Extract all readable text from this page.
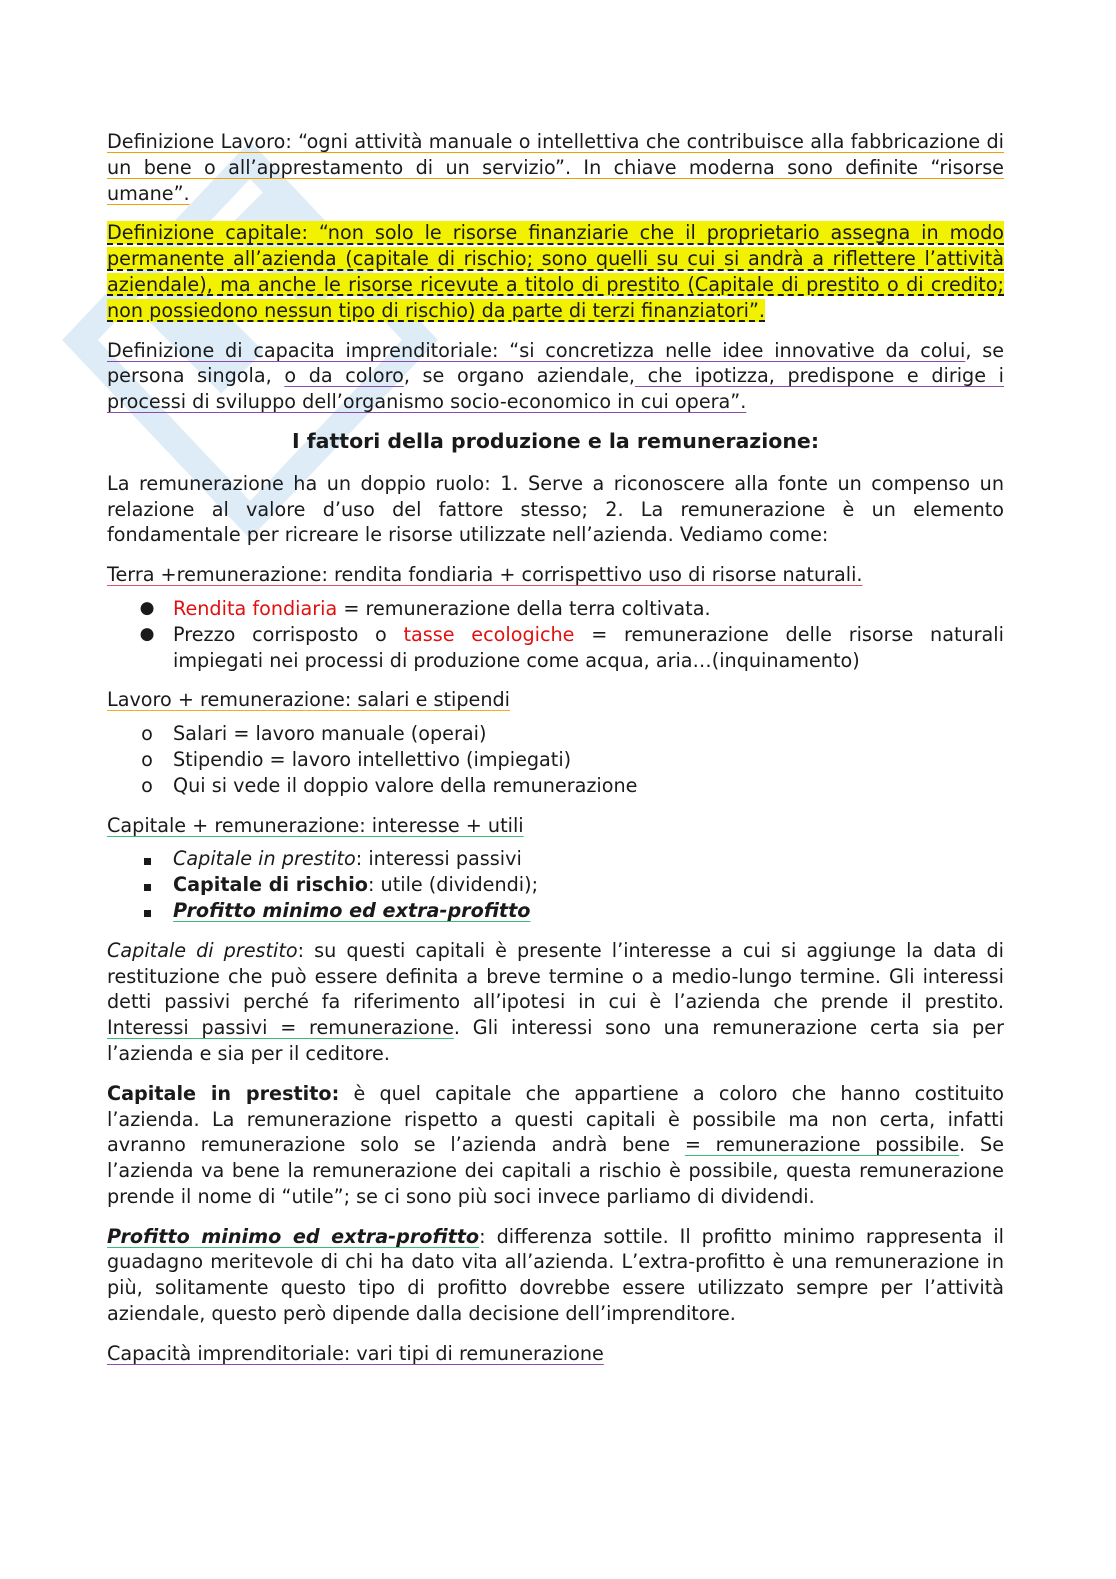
Definizione Lavoro: “ogni attività manuale o intellettiva che contribuisce alla fabbricazione di un bene o all’apprestamento di un servizio”. In chiave moderna sono definite “risorse umane”.

Definizione capitale: “non solo le risorse finanziarie che il proprietario assegna in modo permanente all’azienda (capitale di rischio; sono quelli su cui si andrà a riflettere l’attività aziendale), ma anche le risorse ricevute a titolo di prestito (Capitale di prestito o di credito; non possiedono nessun tipo di rischio) da parte di terzi finanziatori”.

Definizione di capacita imprenditoriale: “si concretizza nelle idee innovative da colui, se persona singola, o da coloro, se organo aziendale, che ipotizza, predispone e dirige i processi di sviluppo dell’organismo socio-economico in cui opera”.

I fattori della produzione e la remunerazione:

La remunerazione ha un doppio ruolo: 1. Serve a riconoscere alla fonte un compenso un relazione al valore d’uso del fattore stesso; 2. La remunerazione è un elemento fondamentale per ricreare le risorse utilizzate nell’azienda. Vediamo come:

Terra +remunerazione: rendita fondiaria + corrispettivo uso di risorse naturali.

● Rendita fondiaria = remunerazione della terra coltivata.
● Prezzo corrisposto o tasse ecologiche = remunerazione delle risorse naturali impiegati nei processi di produzione come acqua, aria…(inquinamento)

Lavoro + remunerazione: salari e stipendi

o Salari = lavoro manuale (operai)
o Stipendio = lavoro intellettivo (impiegati)
o Qui si vede il doppio valore della remunerazione

Capitale + remunerazione: interesse + utili

Capitale in prestito: interessi passivi
Capitale di rischio: utile (dividendi);
Profitto minimo ed extra-profitto

Capitale di prestito: su questi capitali è presente l’interesse a cui si aggiunge la data di restituzione che può essere definita a breve termine o a medio-lungo termine. Gli interessi detti passivi perché fa riferimento all’ipotesi in cui è l’azienda che prende il prestito. Interessi passivi = remunerazione. Gli interessi sono una remunerazione certa sia per l’azienda e sia per il ceditore.

Capitale in prestito: è quel capitale che appartiene a coloro che hanno costituito l’azienda. La remunerazione rispetto a questi capitali è possibile ma non certa, infatti avranno remunerazione solo se l’azienda andrà bene = remunerazione possibile. Se l’azienda va bene la remunerazione dei capitali a rischio è possibile, questa remunerazione prende il nome di “utile”; se ci sono più soci invece parliamo di dividendi.

Profitto minimo ed extra-profitto: differenza sottile. Il profitto minimo rappresenta il guadagno meritevole di chi ha dato vita all’azienda. L’extra-profitto è una remunerazione in più, solitamente questo tipo di profitto dovrebbe essere utilizzato sempre per l’attività aziendale, questo però dipende dalla decisione dell’imprenditore.

Capacità imprenditoriale: vari tipi di remunerazione
